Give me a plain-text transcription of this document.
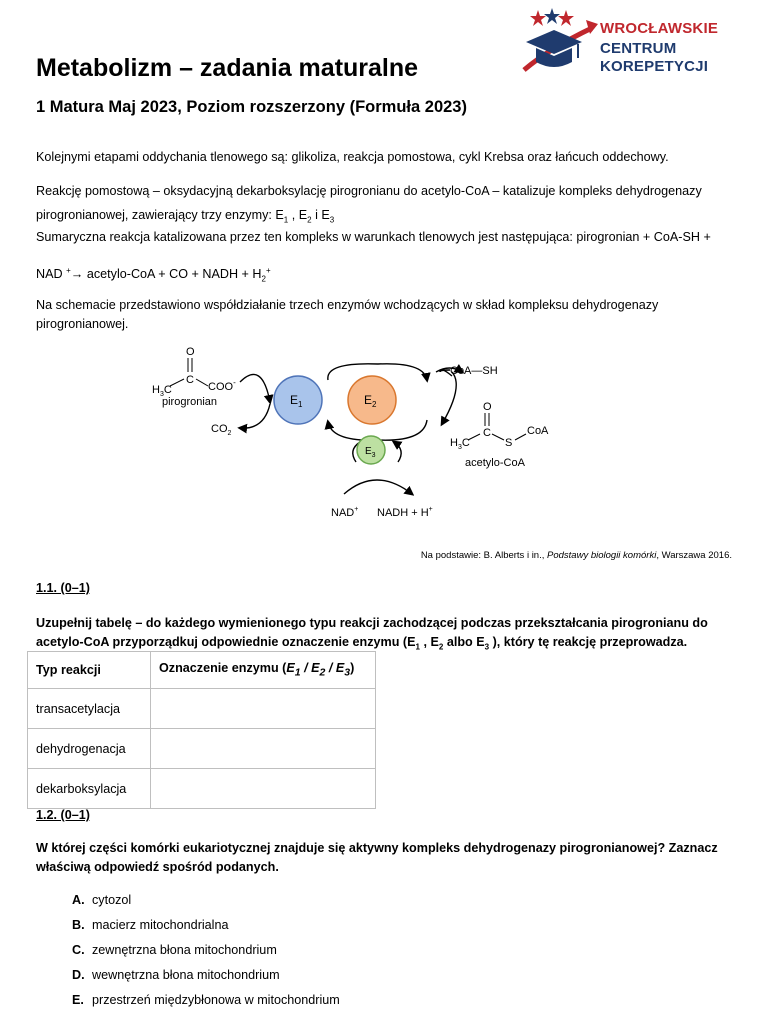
WROCŁAWSKIE
CENTRUM
KOREPETYCJI
Metabolizm – zadania maturalne
1 Matura Maj 2023, Poziom rozszerzony (Formuła 2023)
Kolejnymi etapami oddychania tlenowego są: glikoliza, reakcja pomostowa, cykl Krebsa oraz łańcuch oddechowy.
Reakcję pomostową – oksydacyjną dekarboksylację pirogronianu do acetylo-CoA – katalizuje kompleks dehydrogenazy
pirogronianowej, zawierający trzy enzymy: $E_1$ , $E_2$ i $E_3$
Sumaryczna reakcja katalizowana przez ten kompleks w warunkach tlenowych jest następująca: pirogronian + CoA-SH +
NAD +→ acetylo-CoA + CO + NADH + $H_2^+$
Na schemacie przedstawiono współdziałanie trzech enzymów wchodzących w skład kompleksu dehydrogenazy
pirogronianowej.
O
C
$H_3C$	COO-
pirogronian
$CO_2$
$E_1$	$E_2$
$E_3$
CoA—SH
O
C
$H_3C$	S
CoA
acetylo-CoA
NAD+ NADH + H+
Na podstawie: B. Alberts i in., Podstawy biologii komórki, Warszawa 2016.
1.1. (0–1)
Uzupełnij tabelę – do każdego wymienionego typu reakcji zachodzącej podczas przekształcania pirogronianu do
acetylo-CoA przyporządkuj odpowiednie oznaczenie enzymu ($E_1$ , $E_2$ albo $E_3$ ), który tę reakcję przeprowadza.
Typ reakcji	Oznaczenie enzymu $(E_1 / E_2 / E_3)$
transacetylacja	
dehydrogenacja	
dekarboksylacja	
1.2. (0–1)
W której części komórki eukariotycznej znajduje się aktywny kompleks dehydrogenazy pirogronianowej? Zaznacz
właściwą odpowiedź spośród podanych.
A. cytozol
B. macierz mitochondrialna
C. zewnętrzna błona mitochondrium
D. wewnętrzna błona mitochondrium
E. przestrzeń międzybłonowa w mitochondrium
